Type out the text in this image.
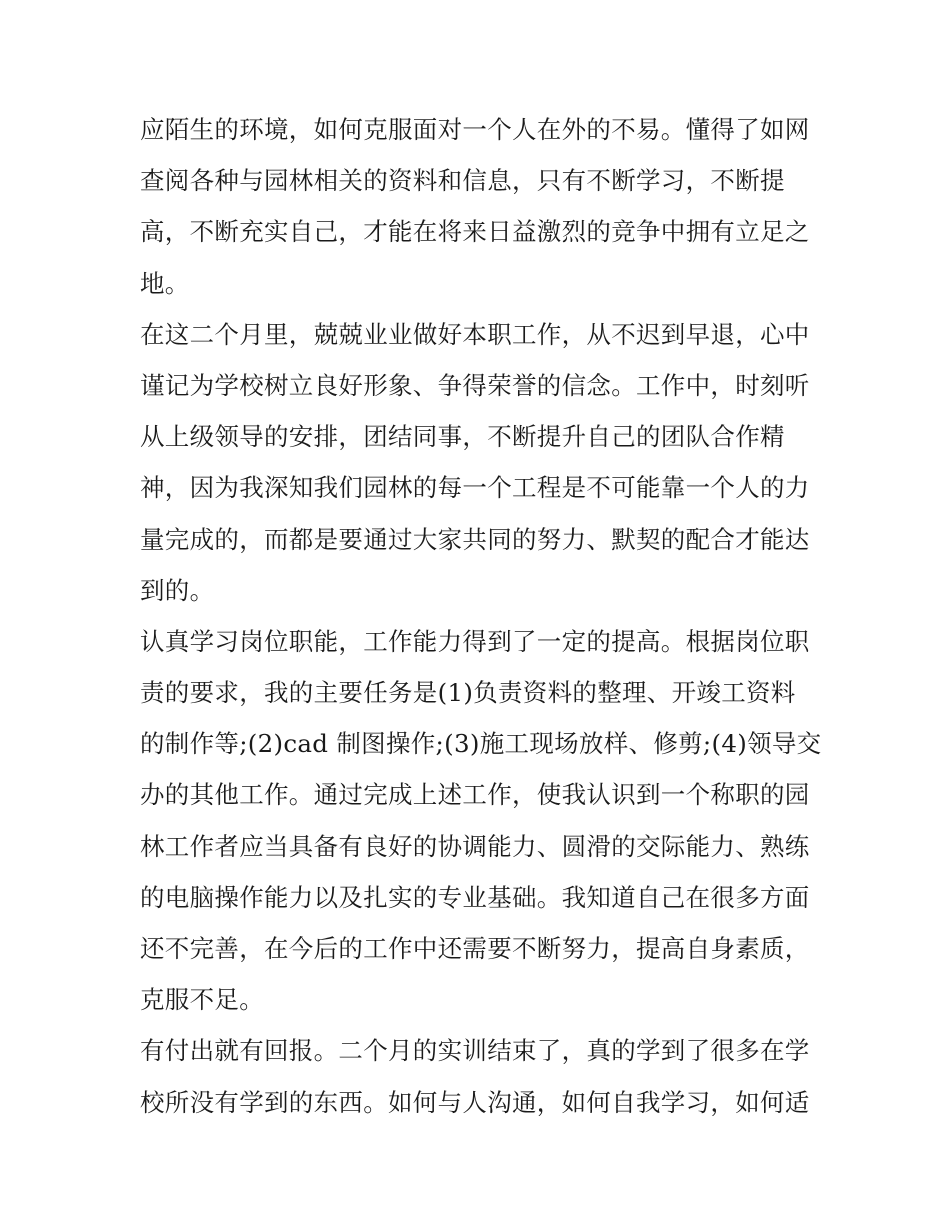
应陌生的环境，如何克服面对一个人在外的不易。懂得了如网
查阅各种与园林相关的资料和信息，只有不断学习，不断提
高，不断充实自己，才能在将来日益激烈的竞争中拥有立足之
地。
在这二个月里，兢兢业业做好本职工作，从不迟到早退，心中
谨记为学校树立良好形象、争得荣誉的信念。工作中，时刻听
从上级领导的安排，团结同事，不断提升自己的团队合作精
神，因为我深知我们园林的每一个工程是不可能靠一个人的力
量完成的，而都是要通过大家共同的努力、默契的配合才能达
到的。
认真学习岗位职能，工作能力得到了一定的提高。根据岗位职
责的要求，我的主要任务是(1)负责资料的整理、开竣工资料
的制作等;(2)cad 制图操作;(3)施工现场放样、修剪;(4)领导交
办的其他工作。通过完成上述工作，使我认识到一个称职的园
林工作者应当具备有良好的协调能力、圆滑的交际能力、熟练
的电脑操作能力以及扎实的专业基础。我知道自己在很多方面
还不完善，在今后的工作中还需要不断努力，提高自身素质，
克服不足。
有付出就有回报。二个月的实训结束了，真的学到了很多在学
校所没有学到的东西。如何与人沟通，如何自我学习，如何适
